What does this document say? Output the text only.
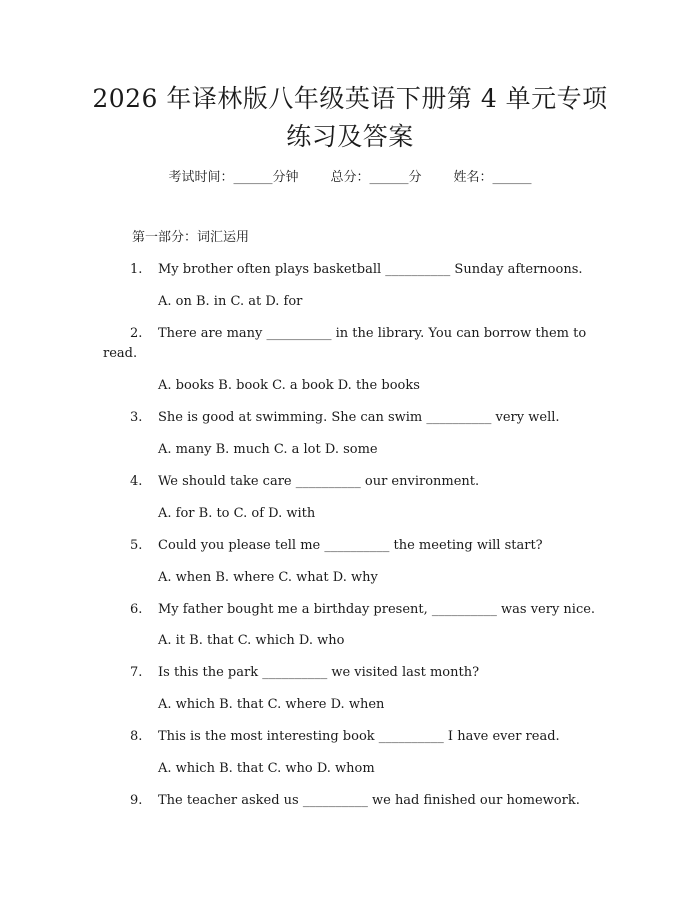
2026 年译林版八年级英语下册第 4 单元专项
练习及答案
考试时间：______分钟 总分：______分 姓名：______
第一部分：词汇运用
1. My brother often plays basketball __________ Sunday afternoons.
A. on B. in C. at D. for
2. There are many __________ in the library. You can borrow them to
read.
A. books B. book C. a book D. the books
3. She is good at swimming. She can swim __________ very well.
A. many B. much C. a lot D. some
4. We should take care __________ our environment.
A. for B. to C. of D. with
5. Could you please tell me __________ the meeting will start?
A. when B. where C. what D. why
6. My father bought me a birthday present, __________ was very nice.
A. it B. that C. which D. who
7. Is this the park __________ we visited last month?
A. which B. that C. where D. when
8. This is the most interesting book __________ I have ever read.
A. which B. that C. who D. whom
9. The teacher asked us __________ we had finished our homework.
